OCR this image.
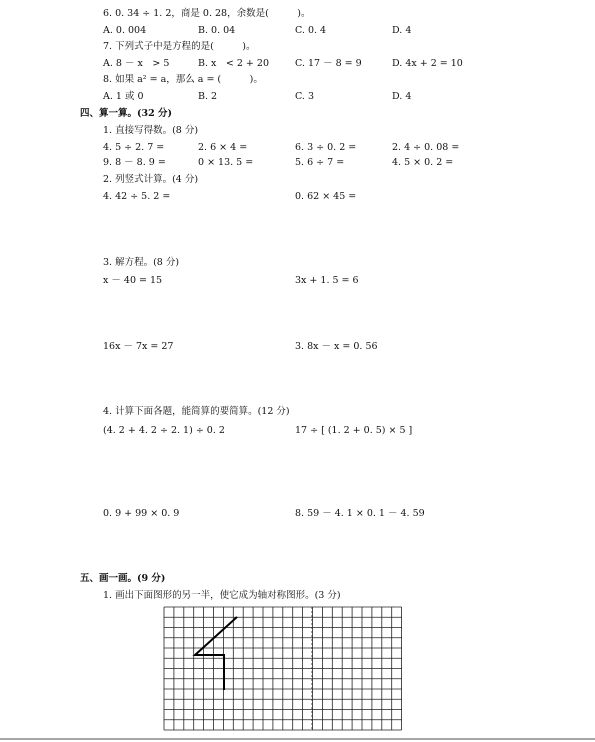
6. 0. 34 ÷ 1. 2，商是 0. 28，余数是(　　　)。
A. 0. 004	B. 0. 04	C. 0. 4	D. 4
7. 下列式子中是方程的是(　　　)。
A. 8 － x　> 5	B. x　< 2 + 20	C. 17 － 8 = 9	D. 4x + 2 = 10
8. 如果 a² = a，那么 a = (　　　)。
A. 1 或 0	B. 2	C. 3	D. 4
四、算一算。(32 分)
1. 直接写得数。(8 分)
4. 5 ÷ 2. 7 =	2. 6 × 4 =	6. 3 ÷ 0. 2 =	2. 4 ÷ 0. 08 =
9. 8 － 8. 9 =	0 × 13. 5 =	5. 6 ÷ 7 =	4. 5 × 0. 2 =
2. 列竖式计算。(4 分)
4. 42 ÷ 5. 2 =	0. 62 × 45 =
3. 解方程。(8 分)
x － 40 = 15	3x + 1. 5 = 6
16x － 7x = 27	3. 8x － x = 0. 56
4. 计算下面各题，能简算的要简算。(12 分)
(4. 2 + 4. 2 ÷ 2. 1) ÷ 0. 2	17 ÷ [ (1. 2 + 0. 5) × 5 ]
0. 9 + 99 × 0. 9	8. 59 － 4. 1 × 0. 1 － 4. 59
五、画一画。(9 分)
1. 画出下面图形的另一半，使它成为轴对称图形。(3 分)
